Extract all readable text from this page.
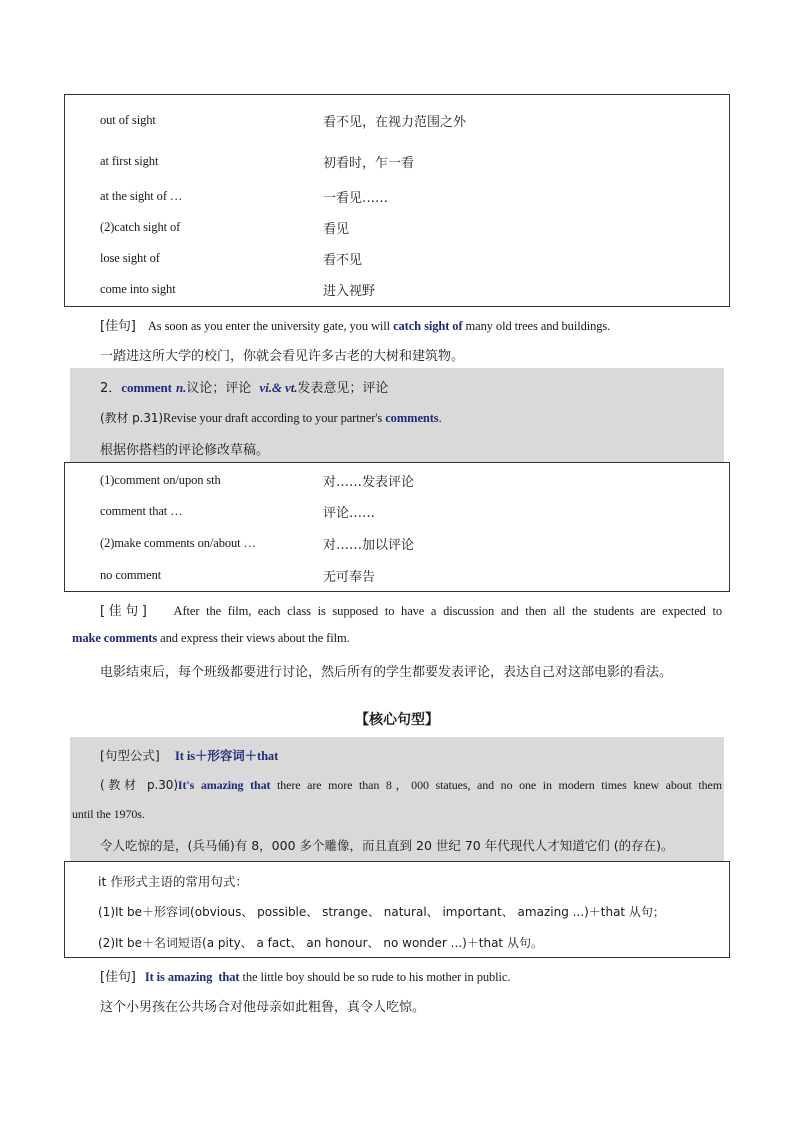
out of sight	看不见，在视力范围之外
at first sight	初看时，乍一看
at the sight of …	一看见……
(2)catch sight of	看见
lose sight of	看不见
come into sight	进入视野
[佳句] As soon as you enter the university gate, you will catch sight of many old trees and buildings.
一踏进这所大学的校门，你就会看见许多古老的大树和建筑物。
2．comment n.议论；评论  vi.& vt.发表意见；评论
(教材 p.31)Revise your draft according to your partner's comments.
根据你搭档的评论修改草稿。
(1)comment on/upon sth	对……发表评论
comment that …	评论……
(2)make comments on/about …	对……加以评论
no comment	无可奉告
[佳句] After the film, each class is supposed to have a discussion and then all the students are expected to
make comments and express their views about the film.
电影结束后，每个班级都要进行讨论，然后所有的学生都要发表评论，表达自己对这部电影的看法。
【核心句型】
[句型公式] It is＋形容词＋that
(教材 p.30)It's amazing that there are more than 8，000 statues, and no one in modern times knew about them
until the 1970s.
令人吃惊的是，(兵马俑)有 8，000 多个雕像，而且直到 20 世纪 70 年代现代人才知道它们 (的存在)。
it 作形式主语的常用句式：
(1)It be＋形容词(obvious、 possible、 strange、 natural、 important、 amazing ...)＋that 从句；
(2)It be＋名词短语(a pity、 a fact、 an honour、 no wonder ...)＋that 从句。
[佳句] It is amazing that the little boy should be so rude to his mother in public.
这个小男孩在公共场合对他母亲如此粗鲁，真令人吃惊。
